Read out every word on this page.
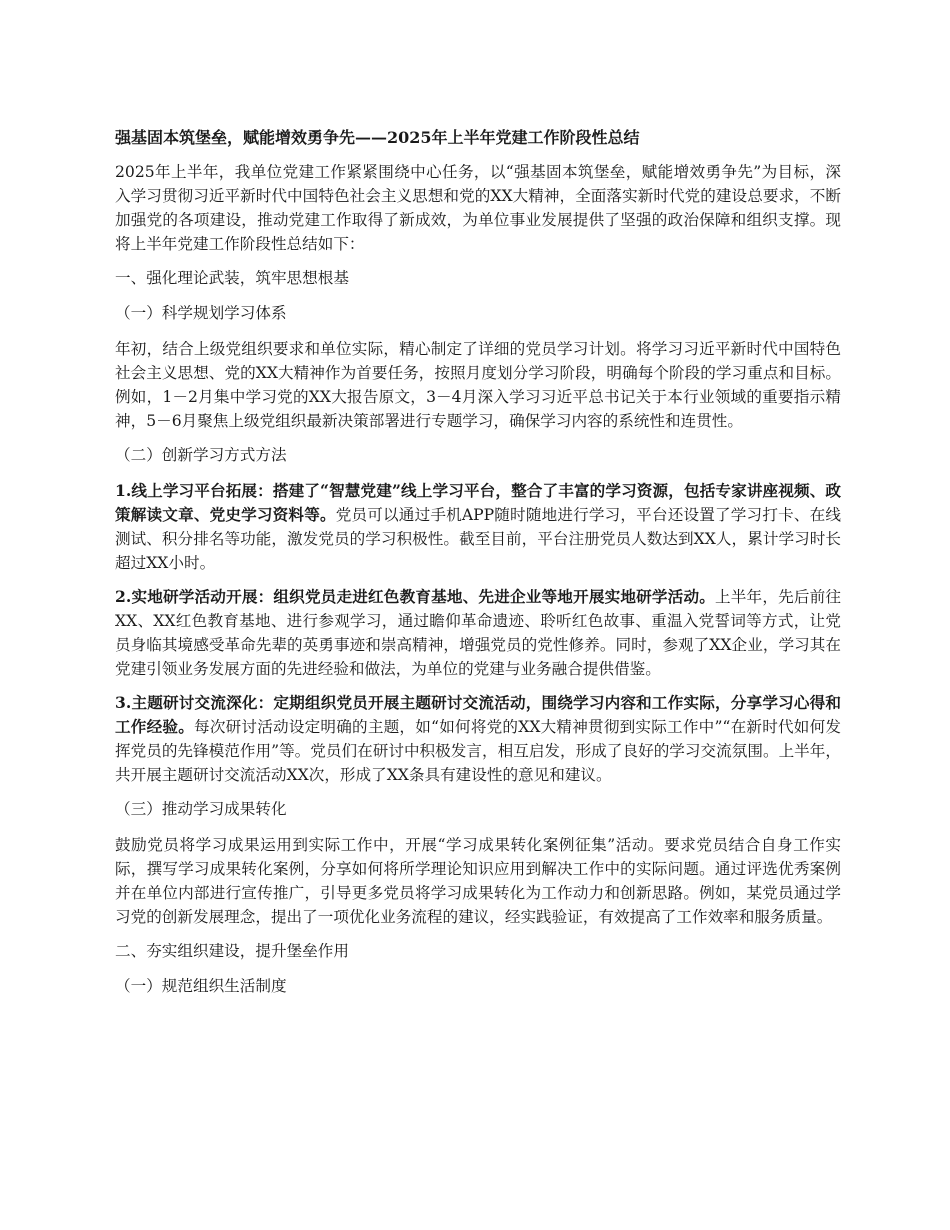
强基固本筑堡垒，赋能增效勇争先——2025年上半年党建工作阶段性总结

2025年上半年，我单位党建工作紧紧围绕中心任务，以“强基固本筑堡垒，赋能增效勇争先”为目标，深入学习贯彻习近平新时代中国特色社会主义思想和党的XX大精神，全面落实新时代党的建设总要求，不断加强党的各项建设，推动党建工作取得了新成效，为单位事业发展提供了坚强的政治保障和组织支撑。现将上半年党建工作阶段性总结如下：

一、强化理论武装，筑牢思想根基

（一）科学规划学习体系

年初，结合上级党组织要求和单位实际，精心制定了详细的党员学习计划。将学习习近平新时代中国特色社会主义思想、党的XX大精神作为首要任务，按照月度划分学习阶段，明确每个阶段的学习重点和目标。例如，1－2月集中学习党的XX大报告原文，3－4月深入学习习近平总书记关于本行业领域的重要指示精神，5－6月聚焦上级党组织最新决策部署进行专题学习，确保学习内容的系统性和连贯性。

（二）创新学习方式方法

1.线上学习平台拓展：搭建了“智慧党建”线上学习平台，整合了丰富的学习资源，包括专家讲座视频、政策解读文章、党史学习资料等。党员可以通过手机APP随时随地进行学习，平台还设置了学习打卡、在线测试、积分排名等功能，激发党员的学习积极性。截至目前，平台注册党员人数达到XX人，累计学习时长超过XX小时。

2.实地研学活动开展：组织党员走进红色教育基地、先进企业等地开展实地研学活动。上半年，先后前往XX、XX红色教育基地、进行参观学习，通过瞻仰革命遗迹、聆听红色故事、重温入党誓词等方式，让党员身临其境感受革命先辈的英勇事迹和崇高精神，增强党员的党性修养。同时，参观了XX企业，学习其在党建引领业务发展方面的先进经验和做法，为单位的党建与业务融合提供借鉴。

3.主题研讨交流深化：定期组织党员开展主题研讨交流活动，围绕学习内容和工作实际，分享学习心得和工作经验。每次研讨活动设定明确的主题，如“如何将党的XX大精神贯彻到实际工作中”“在新时代如何发挥党员的先锋模范作用”等。党员们在研讨中积极发言，相互启发，形成了良好的学习交流氛围。上半年，共开展主题研讨交流活动XX次，形成了XX条具有建设性的意见和建议。

（三）推动学习成果转化

鼓励党员将学习成果运用到实际工作中，开展“学习成果转化案例征集”活动。要求党员结合自身工作实际，撰写学习成果转化案例，分享如何将所学理论知识应用到解决工作中的实际问题。通过评选优秀案例并在单位内部进行宣传推广，引导更多党员将学习成果转化为工作动力和创新思路。例如，某党员通过学习党的创新发展理念，提出了一项优化业务流程的建议，经实践验证，有效提高了工作效率和服务质量。

二、夯实组织建设，提升堡垒作用

（一）规范组织生活制度
